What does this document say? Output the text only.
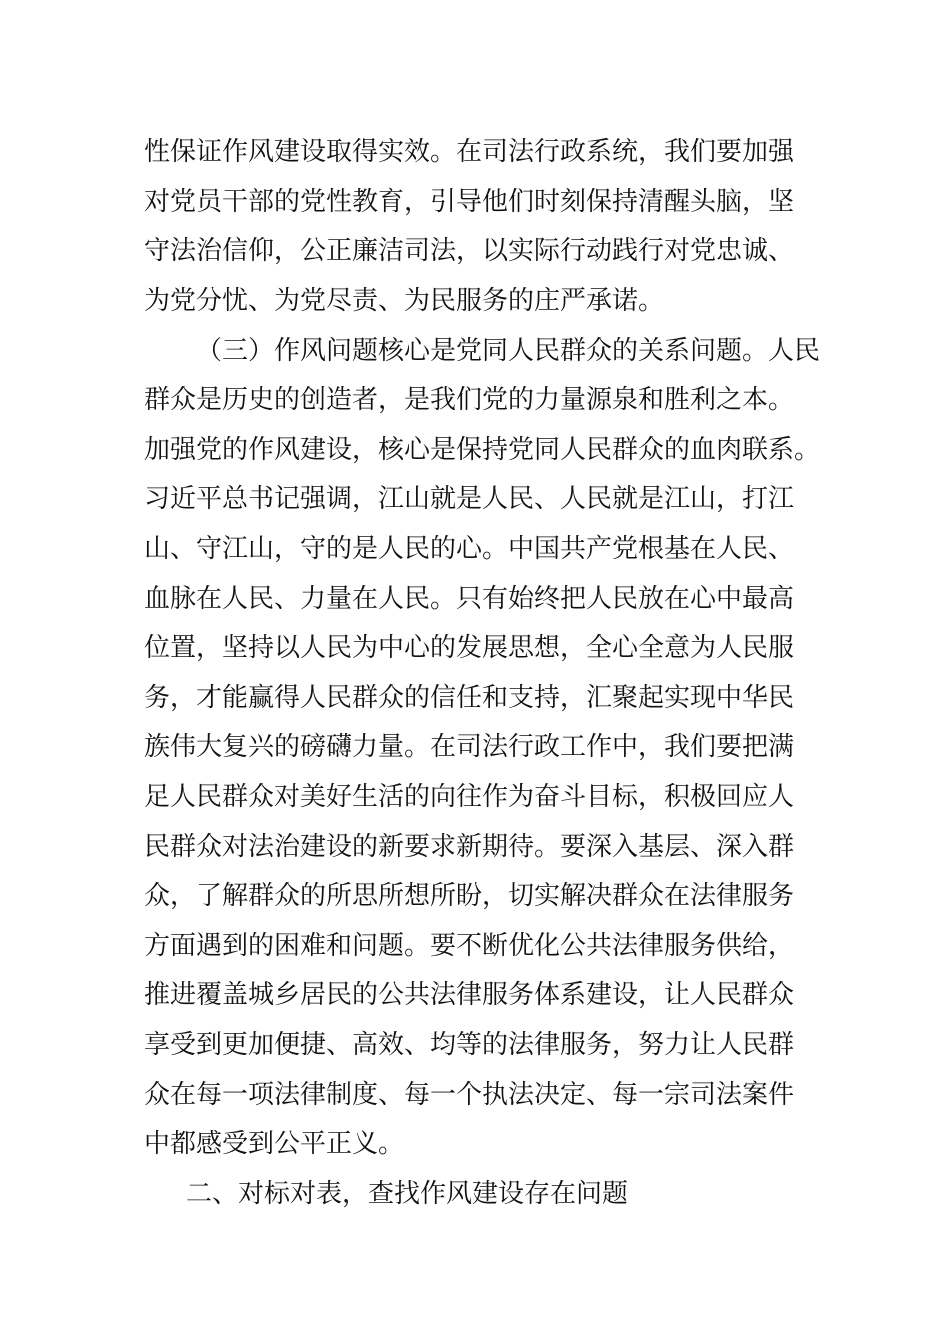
性保证作风建设取得实效。在司法行政系统，我们要加强
对党员干部的党性教育，引导他们时刻保持清醒头脑，坚
守法治信仰，公正廉洁司法，以实际行动践行对党忠诚、
为党分忧、为党尽责、为民服务的庄严承诺。
（三）作风问题核心是党同人民群众的关系问题。人民
群众是历史的创造者，是我们党的力量源泉和胜利之本。
加强党的作风建设，核心是保持党同人民群众的血肉联系。
习近平总书记强调，江山就是人民、人民就是江山，打江
山、守江山，守的是人民的心。中国共产党根基在人民、
血脉在人民、力量在人民。只有始终把人民放在心中最高
位置，坚持以人民为中心的发展思想，全心全意为人民服
务，才能赢得人民群众的信任和支持，汇聚起实现中华民
族伟大复兴的磅礴力量。在司法行政工作中，我们要把满
足人民群众对美好生活的向往作为奋斗目标，积极回应人
民群众对法治建设的新要求新期待。要深入基层、深入群
众，了解群众的所思所想所盼，切实解决群众在法律服务
方面遇到的困难和问题。要不断优化公共法律服务供给，
推进覆盖城乡居民的公共法律服务体系建设，让人民群众
享受到更加便捷、高效、均等的法律服务，努力让人民群
众在每一项法律制度、每一个执法决定、每一宗司法案件
中都感受到公平正义。
二、对标对表，查找作风建设存在问题
